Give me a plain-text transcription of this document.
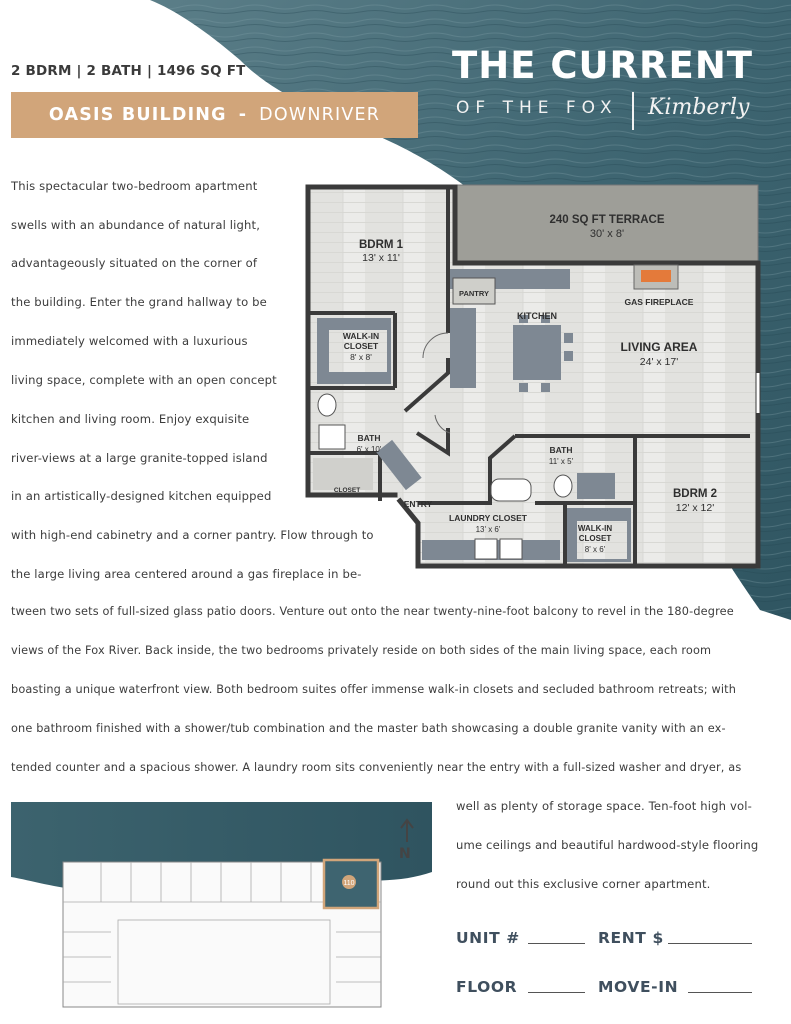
2 BDRM | 2 BATH | 1496 SQ FT
OASIS BUILDING - DOWNRIVER
THE CURRENT
OF THE FOX Kimberly
This spectacular two-bedroom apartment
swells with an abundance of natural light,
advantageously situated on the corner of
the building. Enter the grand hallway to be
immediately welcomed with a luxurious
living space, complete with an open concept
kitchen and living room. Enjoy exquisite
river-views at a large granite-topped island
in an artistically-designed kitchen equipped
with high-end cabinetry and a corner pantry. Flow through to
the large living area centered around a gas fireplace in be-
tween two sets of full-sized glass patio doors. Venture out onto the near twenty-nine-foot balcony to revel in the 180-degree
views of the Fox River. Back inside, the two bedrooms privately reside on both sides of the main living space, each room
boasting a unique waterfront view. Both bedroom suites offer immense walk-in closets and secluded bathroom retreats; with
one bathroom finished with a shower/tub combination and the master bath showcasing a double granite vanity with an ex-
tended counter and a spacious shower. A laundry room sits conveniently near the entry with a full-sized washer and dryer, as
well as plenty of storage space. Ten-foot high vol-
ume ceilings and beautiful hardwood-style flooring
round out this exclusive corner apartment.
240 SQ FT TERRACE
30' x 8'
BDRM 1
13' x 11'
WALK-IN
CLOSET
8' x 8'
PANTRY
KITCHEN
GAS FIREPLACE
LIVING AREA
24' x 17'
BATH
6' x 10'
CLOSET
ENTRY
BATH
11' x 5'
LAUNDRY CLOSET
13' x 6'
BDRM 2
12' x 12'
WALK-IN
CLOSET
8' x 6'
110
N
UNIT #	RENT $
FLOOR	MOVE-IN
